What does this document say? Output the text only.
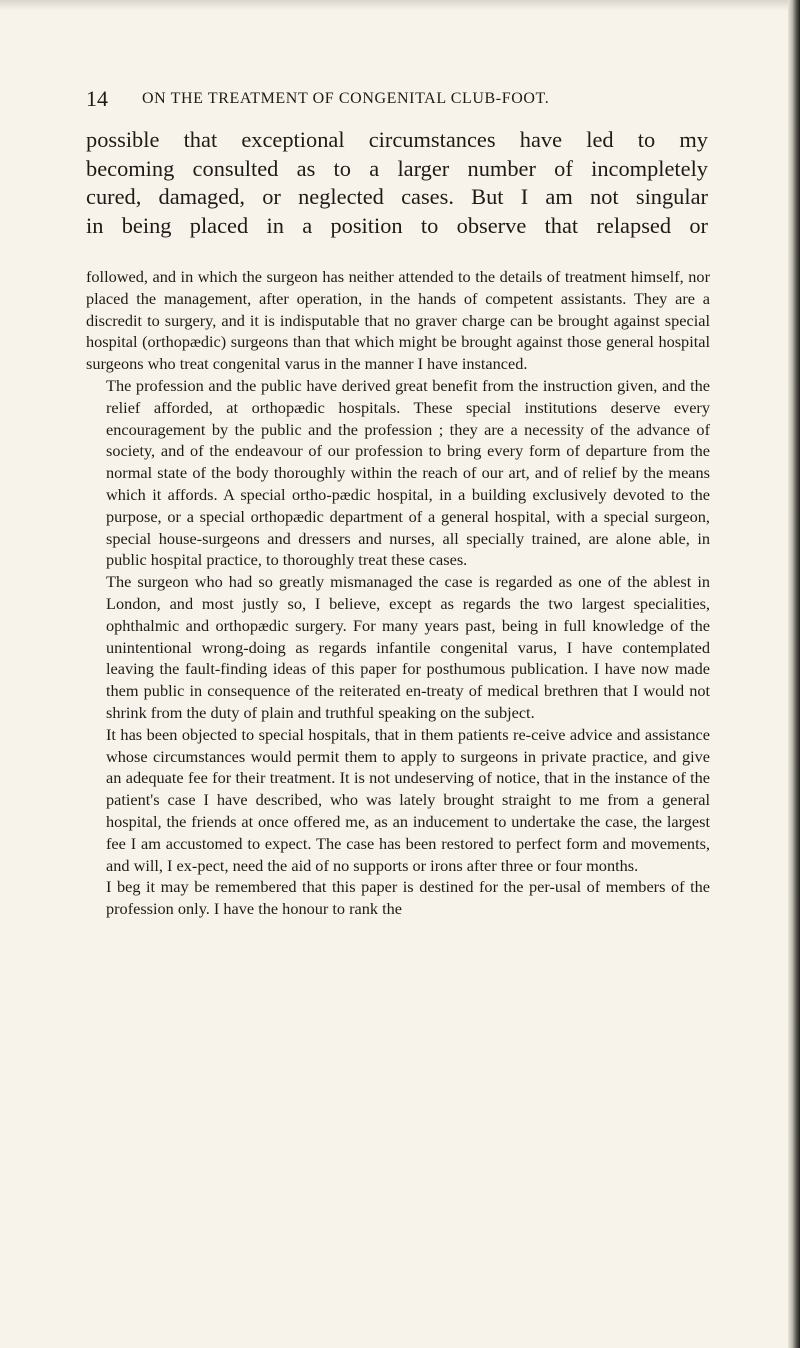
14 ON THE TREATMENT OF CONGENITAL CLUB-FOOT.
possible that exceptional circumstances have led to my
becoming consulted as to a larger number of incompletely
cured, damaged, or neglected cases. But I am not singular
in being placed in a position to observe that relapsed or

followed, and in which the surgeon has neither attended to the details of treatment himself, nor placed the management, after operation, in the hands of competent assistants. They are a discredit to surgery, and it is indisputable that no graver charge can be brought against special hospital (orthopædic) surgeons than that which might be brought against those general hospital surgeons who treat congenital varus in the manner I have instanced.

The profession and the public have derived great benefit from the instruction given, and the relief afforded, at orthopædic hospitals. These special institutions deserve every encouragement by the public and the profession ; they are a necessity of the advance of society, and of the endeavour of our profession to bring every form of departure from the normal state of the body thoroughly within the reach of our art, and of relief by the means which it affords. A special ortho-pædic hospital, in a building exclusively devoted to the purpose, or a special orthopædic department of a general hospital, with a special surgeon, special house-surgeons and dressers and nurses, all specially trained, are alone able, in public hospital practice, to thoroughly treat these cases.

The surgeon who had so greatly mismanaged the case is regarded as one of the ablest in London, and most justly so, I believe, except as regards the two largest specialities, ophthalmic and orthopædic surgery. For many years past, being in full knowledge of the unintentional wrong-doing as regards infantile congenital varus, I have contemplated leaving the fault-finding ideas of this paper for posthumous publication. I have now made them public in consequence of the reiterated en-treaty of medical brethren that I would not shrink from the duty of plain and truthful speaking on the subject.

It has been objected to special hospitals, that in them patients re-ceive advice and assistance whose circumstances would permit them to apply to surgeons in private practice, and give an adequate fee for their treatment. It is not undeserving of notice, that in the instance of the patient's case I have described, who was lately brought straight to me from a general hospital, the friends at once offered me, as an inducement to undertake the case, the largest fee I am accustomed to expect. The case has been restored to perfect form and movements, and will, I ex-pect, need the aid of no supports or irons after three or four months.

I beg it may be remembered that this paper is destined for the per-usal of members of the profession only. I have the honour to rank the
